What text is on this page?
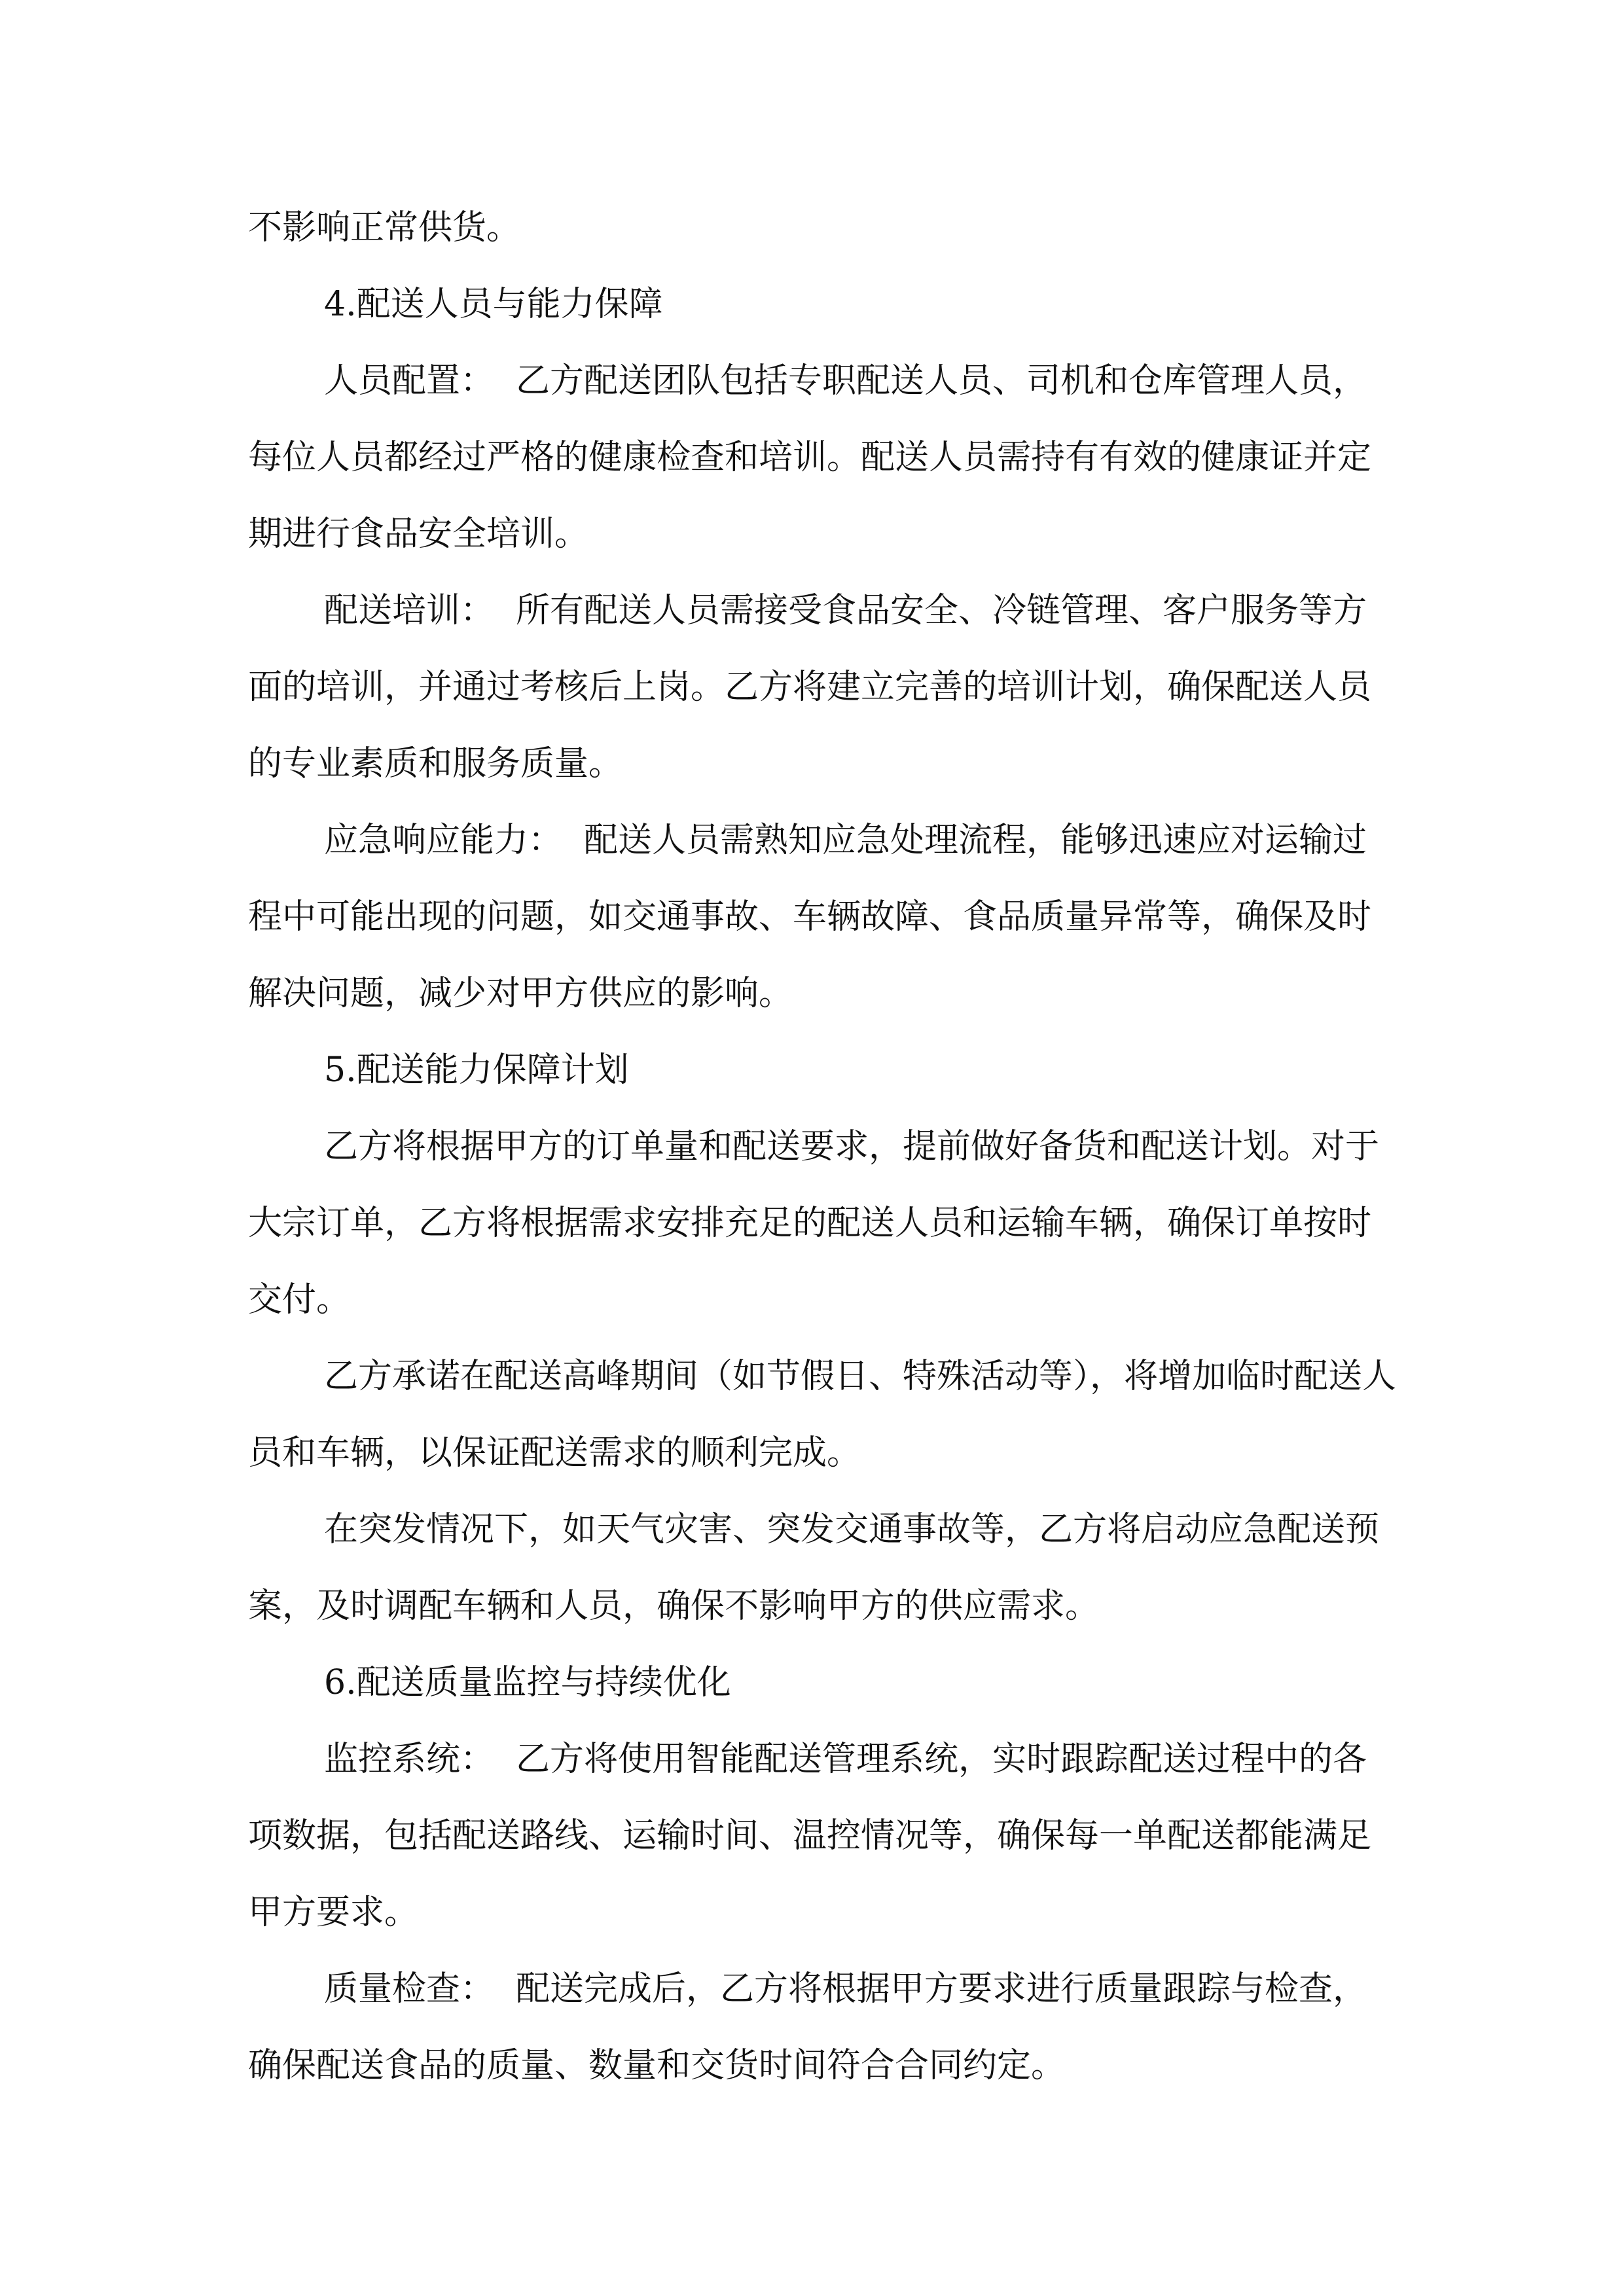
不影响正常供货。

4.配送人员与能力保障

人员配置：  乙方配送团队包括专职配送人员、司机和仓库管理人员，每位人员都经过严格的健康检查和培训。配送人员需持有有效的健康证并定期进行食品安全培训。

配送培训：  所有配送人员需接受食品安全、冷链管理、客户服务等方面的培训，并通过考核后上岗。乙方将建立完善的培训计划，确保配送人员的专业素质和服务质量。

应急响应能力：  配送人员需熟知应急处理流程，能够迅速应对运输过程中可能出现的问题，如交通事故、车辆故障、食品质量异常等，确保及时解决问题，减少对甲方供应的影响。

5.配送能力保障计划

乙方将根据甲方的订单量和配送要求，提前做好备货和配送计划。对于大宗订单，乙方将根据需求安排充足的配送人员和运输车辆，确保订单按时交付。

乙方承诺在配送高峰期间（如节假日、特殊活动等），将增加临时配送人员和车辆，以保证配送需求的顺利完成。

在突发情况下，如天气灾害、突发交通事故等，乙方将启动应急配送预案，及时调配车辆和人员，确保不影响甲方的供应需求。

6.配送质量监控与持续优化

监控系统：  乙方将使用智能配送管理系统，实时跟踪配送过程中的各项数据，包括配送路线、运输时间、温控情况等，确保每一单配送都能满足甲方要求。

质量检查：  配送完成后，乙方将根据甲方要求进行质量跟踪与检查，确保配送食品的质量、数量和交货时间符合合同约定。
